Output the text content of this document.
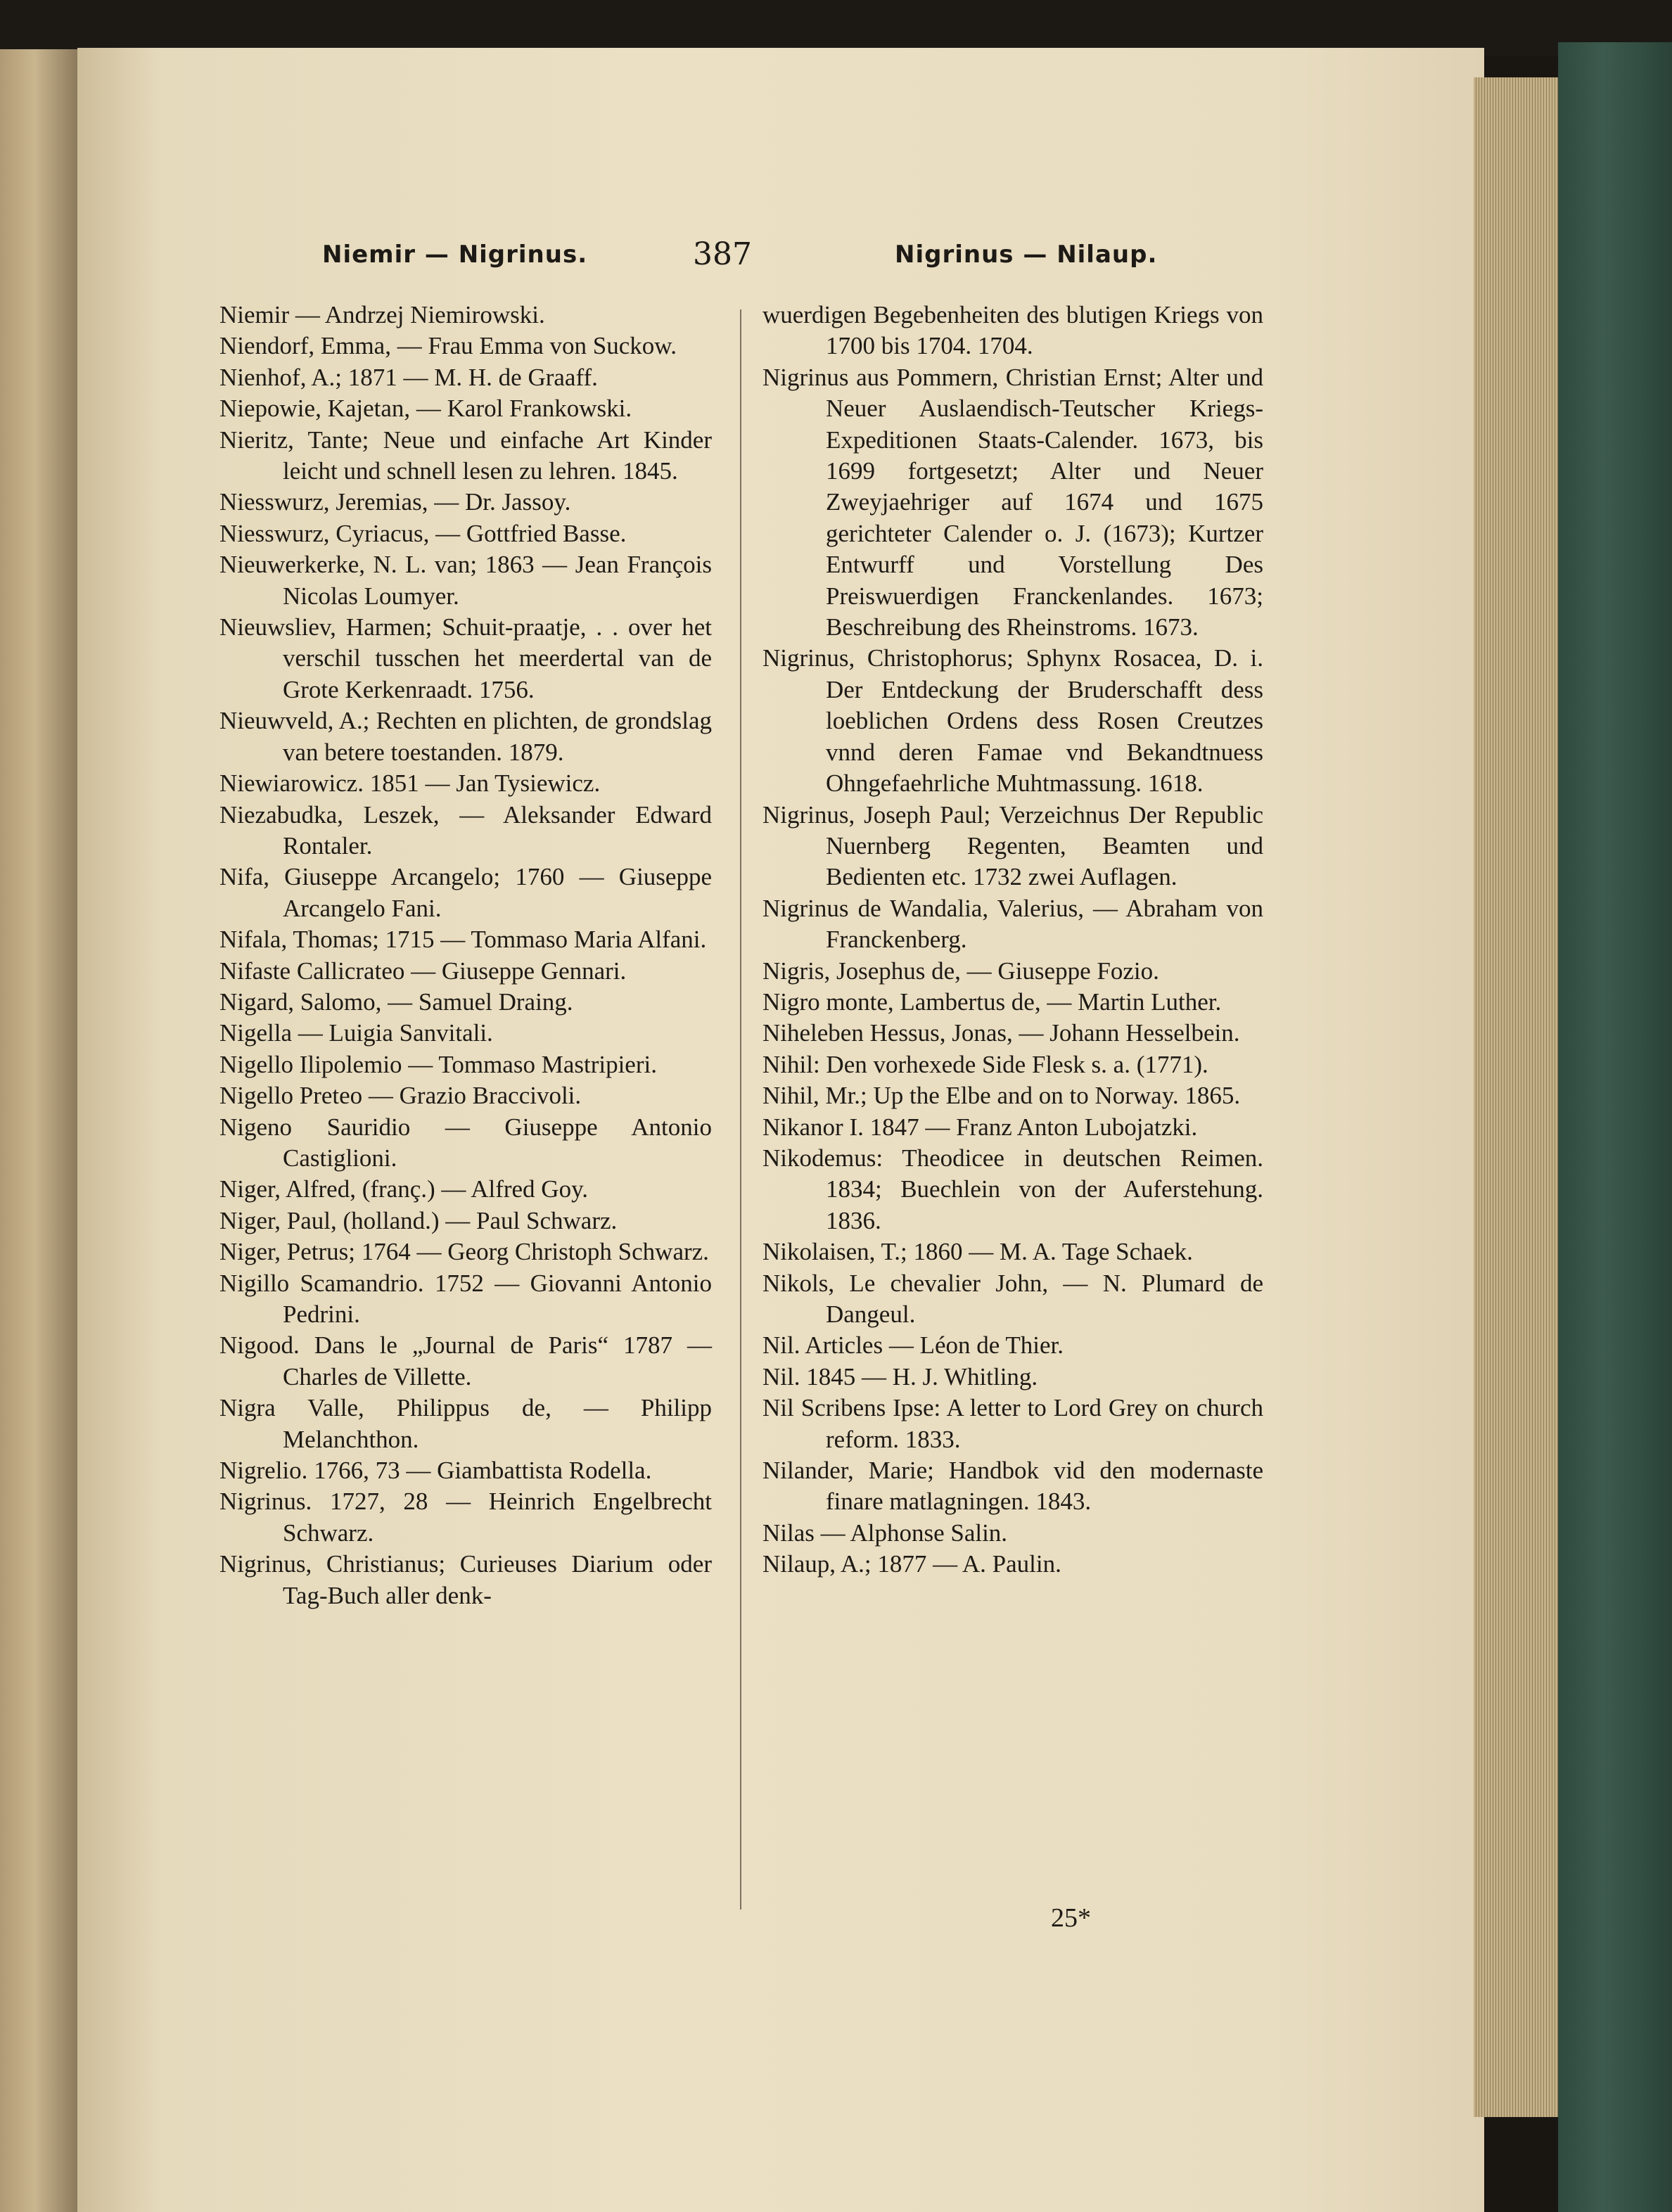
Niemir — Nigrinus.	387	Nigrinus — Nilaup.

Niemir — Andrzej Niemirowski.

Niendorf, Emma, — Frau Emma von Suckow.

Nienhof, A.; 1871 — M. H. de Graaff.

Niepowie, Kajetan, — Karol Frankowski.

Nieritz, Tante; Neue und einfache Art Kinder leicht und schnell lesen zu lehren. 1845.

Niesswurz, Jeremias, — Dr. Jassoy.

Niesswurz, Cyriacus, — Gottfried Basse.

Nieuwerkerke, N. L. van; 1863 — Jean François Nicolas Loumyer.

Nieuwsliev, Harmen; Schuit-praatje, . . over het verschil tusschen het meerdertal van de Grote Kerkenraadt. 1756.

Nieuwveld, A.; Rechten en plichten, de grondslag van betere toestanden. 1879.

Niewiarowicz. 1851 — Jan Tysiewicz.

Niezabudka, Leszek, — Aleksander Edward Rontaler.

Nifa, Giuseppe Arcangelo; 1760 — Giuseppe Arcangelo Fani.

Nifala, Thomas; 1715 — Tommaso Maria Alfani.

Nifaste Callicrateo — Giuseppe Gennari.

Nigard, Salomo, — Samuel Draing.

Nigella — Luigia Sanvitali.

Nigello Ilipolemio — Tommaso Mastripieri.

Nigello Preteo — Grazio Braccivoli.

Nigeno Sauridio — Giuseppe Antonio Castiglioni.

Niger, Alfred, (franç.) — Alfred Goy.

Niger, Paul, (holland.) — Paul Schwarz.

Niger, Petrus; 1764 — Georg Christoph Schwarz.

Nigillo Scamandrio. 1752 — Giovanni Antonio Pedrini.

Nigood. Dans le „Journal de Paris“ 1787 — Charles de Villette.

Nigra Valle, Philippus de, — Philipp Melanchthon.

Nigrelio. 1766, 73 — Giambattista Rodella.

Nigrinus. 1727, 28 — Heinrich Engelbrecht Schwarz.

Nigrinus, Christianus; Curieuses Diarium oder Tag-Buch aller denk-

wuerdigen Begebenheiten des blutigen Kriegs von 1700 bis 1704. 1704.

Nigrinus aus Pommern, Christian Ernst; Alter und Neuer Auslaendisch-Teutscher Kriegs-Expeditionen Staats-Calender. 1673, bis 1699 fortgesetzt; Alter und Neuer Zweyjaehriger auf 1674 und 1675 gerichteter Calender o. J. (1673); Kurtzer Entwurff und Vorstellung Des Preiswuerdigen Franckenlandes. 1673; Beschreibung des Rheinstroms. 1673.

Nigrinus, Christophorus; Sphynx Rosacea, D. i. Der Entdeckung der Bruderschafft dess loeblichen Ordens dess Rosen Creutzes vnnd deren Famae vnd Bekandtnuess Ohngefaehrliche Muhtmassung. 1618.

Nigrinus, Joseph Paul; Verzeichnus Der Republic Nuernberg Regenten, Beamten und Bedienten etc. 1732 zwei Auflagen.

Nigrinus de Wandalia, Valerius, — Abraham von Franckenberg.

Nigris, Josephus de, — Giuseppe Fozio.

Nigro monte, Lambertus de, — Martin Luther.

Niheleben Hessus, Jonas, — Johann Hesselbein.

Nihil: Den vorhexede Side Flesk s. a. (1771).

Nihil, Mr.; Up the Elbe and on to Norway. 1865.

Nikanor I. 1847 — Franz Anton Lubojatzki.

Nikodemus: Theodicee in deutschen Reimen. 1834; Buechlein von der Auferstehung. 1836.

Nikolaisen, T.; 1860 — M. A. Tage Schaek.

Nikols, Le chevalier John, — N. Plumard de Dangeul.

Nil. Articles — Léon de Thier.

Nil. 1845 — H. J. Whitling.

Nil Scribens Ipse: A letter to Lord Grey on church reform. 1833.

Nilander, Marie; Handbok vid den modernaste finare matlagningen. 1843.

Nilas — Alphonse Salin.

Nilaup, A.; 1877 — A. Paulin.

25*
